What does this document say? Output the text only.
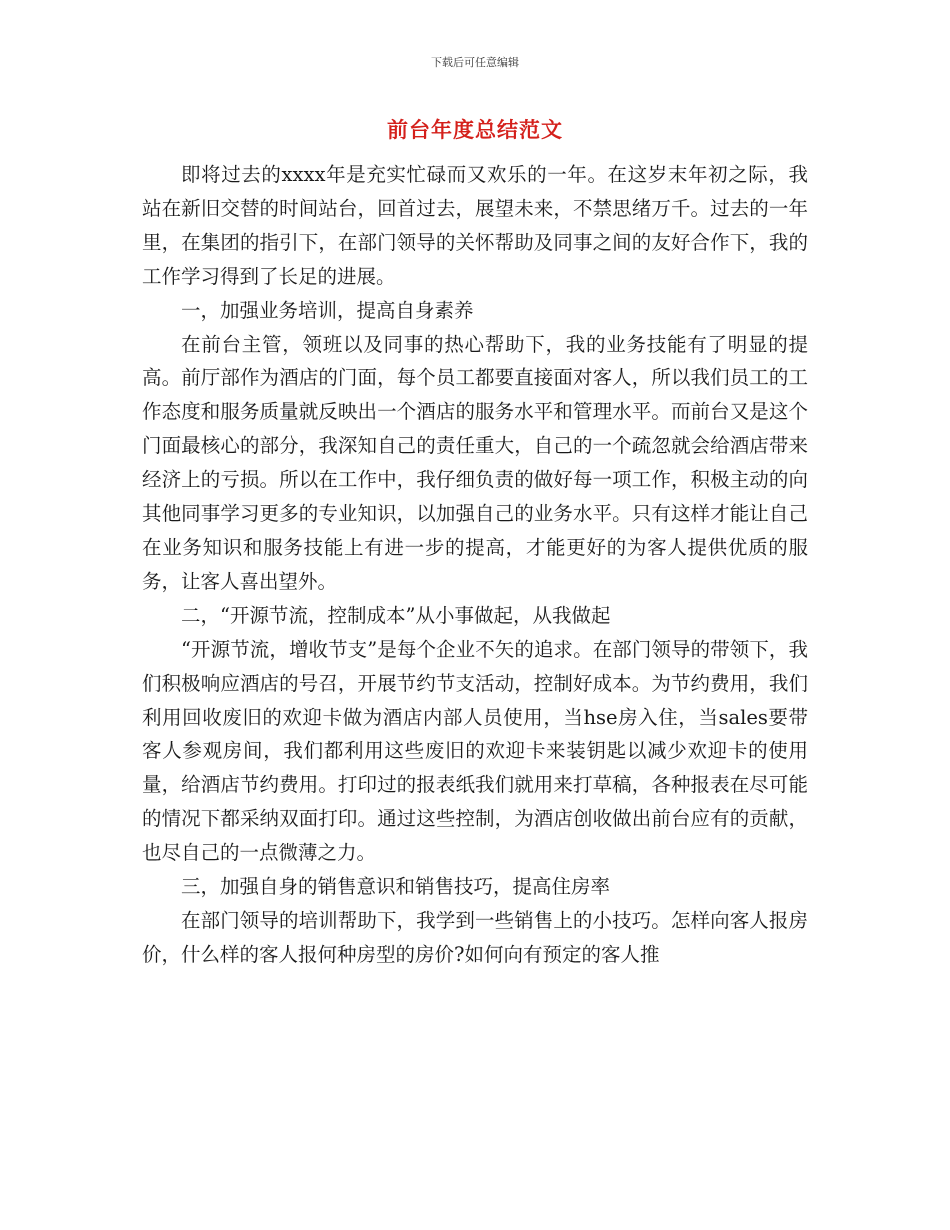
下载后可任意编辑
前台年度总结范文

即将过去的xxxx年是充实忙碌而又欢乐的一年。在这岁末年初之际，我站在新旧交替的时间站台，回首过去，展望未来，不禁思绪万千。过去的一年里，在集团的指引下，在部门领导的关怀帮助及同事之间的友好合作下，我的工作学习得到了长足的进展。

一，加强业务培训，提高自身素养

在前台主管，领班以及同事的热心帮助下，我的业务技能有了明显的提高。前厅部作为酒店的门面，每个员工都要直接面对客人，所以我们员工的工作态度和服务质量就反映出一个酒店的服务水平和管理水平。而前台又是这个门面最核心的部分，我深知自己的责任重大，自己的一个疏忽就会给酒店带来经济上的亏损。所以在工作中，我仔细负责的做好每一项工作，积极主动的向其他同事学习更多的专业知识，以加强自己的业务水平。只有这样才能让自己在业务知识和服务技能上有进一步的提高，才能更好的为客人提供优质的服务，让客人喜出望外。

二，“开源节流，控制成本”从小事做起，从我做起

“开源节流，增收节支”是每个企业不矢的追求。在部门领导的带领下，我们积极响应酒店的号召，开展节约节支活动，控制好成本。为节约费用，我们利用回收废旧的欢迎卡做为酒店内部人员使用，当hse房入住，当sales要带客人参观房间，我们都利用这些废旧的欢迎卡来装钥匙以减少欢迎卡的使用量，给酒店节约费用。打印过的报表纸我们就用来打草稿，各种报表在尽可能的情况下都采纳双面打印。通过这些控制，为酒店创收做出前台应有的贡献，也尽自己的一点微薄之力。

三，加强自身的销售意识和销售技巧，提高住房率

在部门领导的培训帮助下，我学到一些销售上的小技巧。怎样向客人报房价，什么样的客人报何种房型的房价?如何向有预定的客人推
